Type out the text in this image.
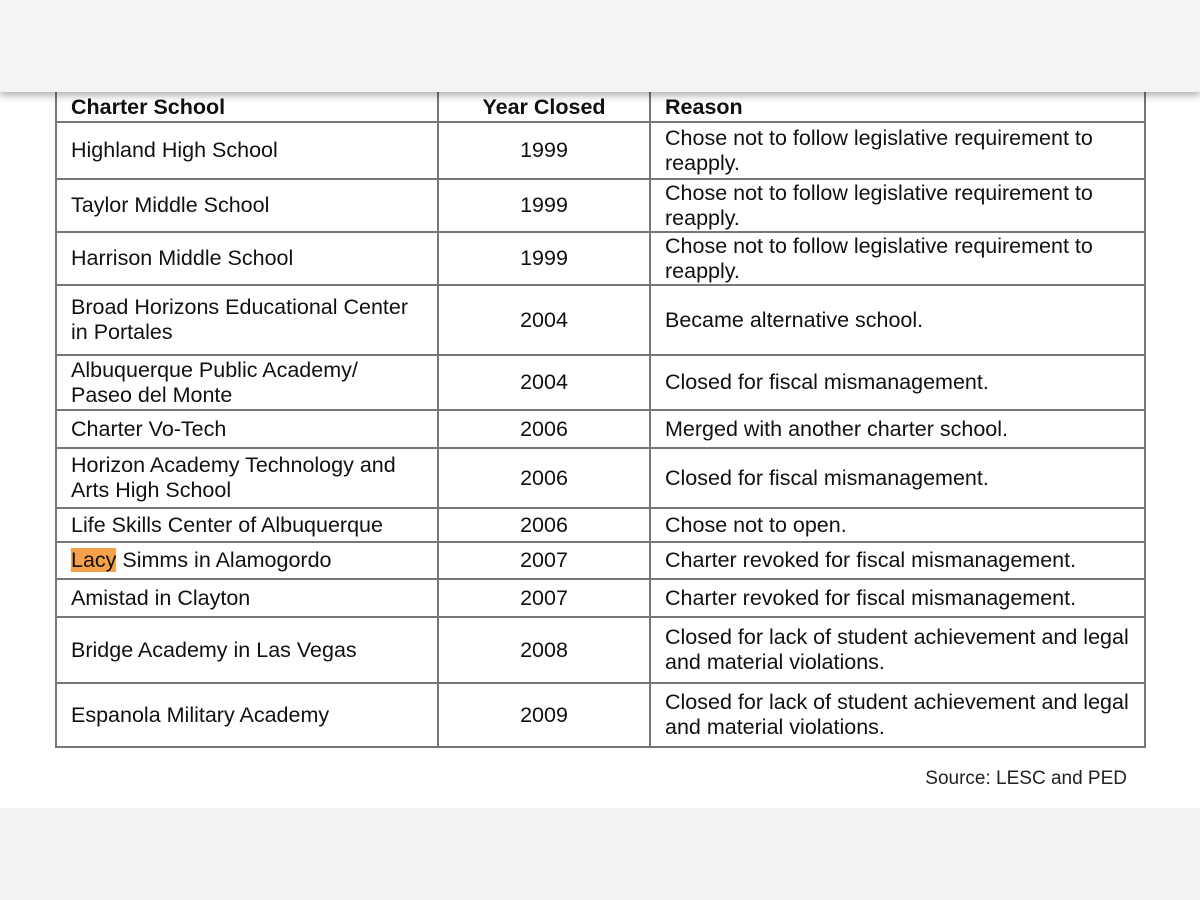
Charter School	Year Closed	Reason
Highland High School	1999	Chose not to follow legislative requirement to reapply.
Taylor Middle School	1999	Chose not to follow legislative requirement to reapply.
Harrison Middle School	1999	Chose not to follow legislative requirement to reapply.
Broad Horizons Educational Center in Portales	2004	Became alternative school.
Albuquerque Public Academy/ Paseo del Monte	2004	Closed for fiscal mismanagement.
Charter Vo-Tech	2006	Merged with another charter school.
Horizon Academy Technology and Arts High School	2006	Closed for fiscal mismanagement.
Life Skills Center of Albuquerque	2006	Chose not to open.
Lacy Simms in Alamogordo	2007	Charter revoked for fiscal mismanagement.
Amistad in Clayton	2007	Charter revoked for fiscal mismanagement.
Bridge Academy in Las Vegas	2008	Closed for lack of student achievement and legal and material violations.
Espanola Military Academy	2009	Closed for lack of student achievement and legal and material violations.
Source: LESC and PED
